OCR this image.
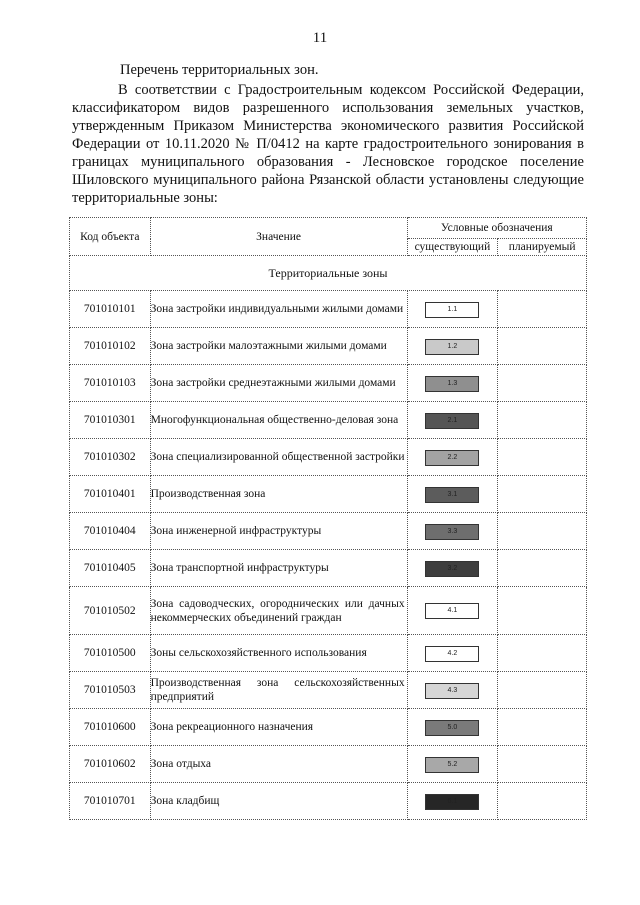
11
Перечень территориальных зон.
В соответствии с Градостроительным кодексом Российской Федерации, классификатором видов разрешенного использования земельных участков, утвержденным Приказом Министерства экономического развития Российской Федерации от 10.11.2020 № П/0412 на карте градостроительного зонирования в границах муниципального образования - Лесновское городское поселение Шиловского муниципального района Рязанской области установлены следующие территориальные зоны:
Код объекта	Значение	Условные обозначения	
		существующий	планируемый
Территориальные зоны			
701010101	Зона застройки индивидуальными жилыми домами	1.1	
701010102	Зона застройки малоэтажными жилыми домами	1.2	
701010103	Зона застройки среднеэтажными жилыми домами	1.3	
701010301	Многофункциональная общественно-деловая зона	2.1	
701010302	Зона специализированной общественной застройки	2.2	
701010401	Производственная зона	3.1	
701010404	Зона инженерной инфраструктуры	3.3	
701010405	Зона транспортной инфраструктуры	3.2	
701010502	Зона садоводческих, огороднических или дачных некоммерческих объединений граждан	4.1	
701010500	Зоны сельскохозяйственного использования	4.2	
701010503	Производственная зона сельскохозяйственных предприятий	4.3	
701010600	Зона рекреационного назначения	5.0	
701010602	Зона отдыха	5.2	
701010701	Зона кладбищ	6.1	
